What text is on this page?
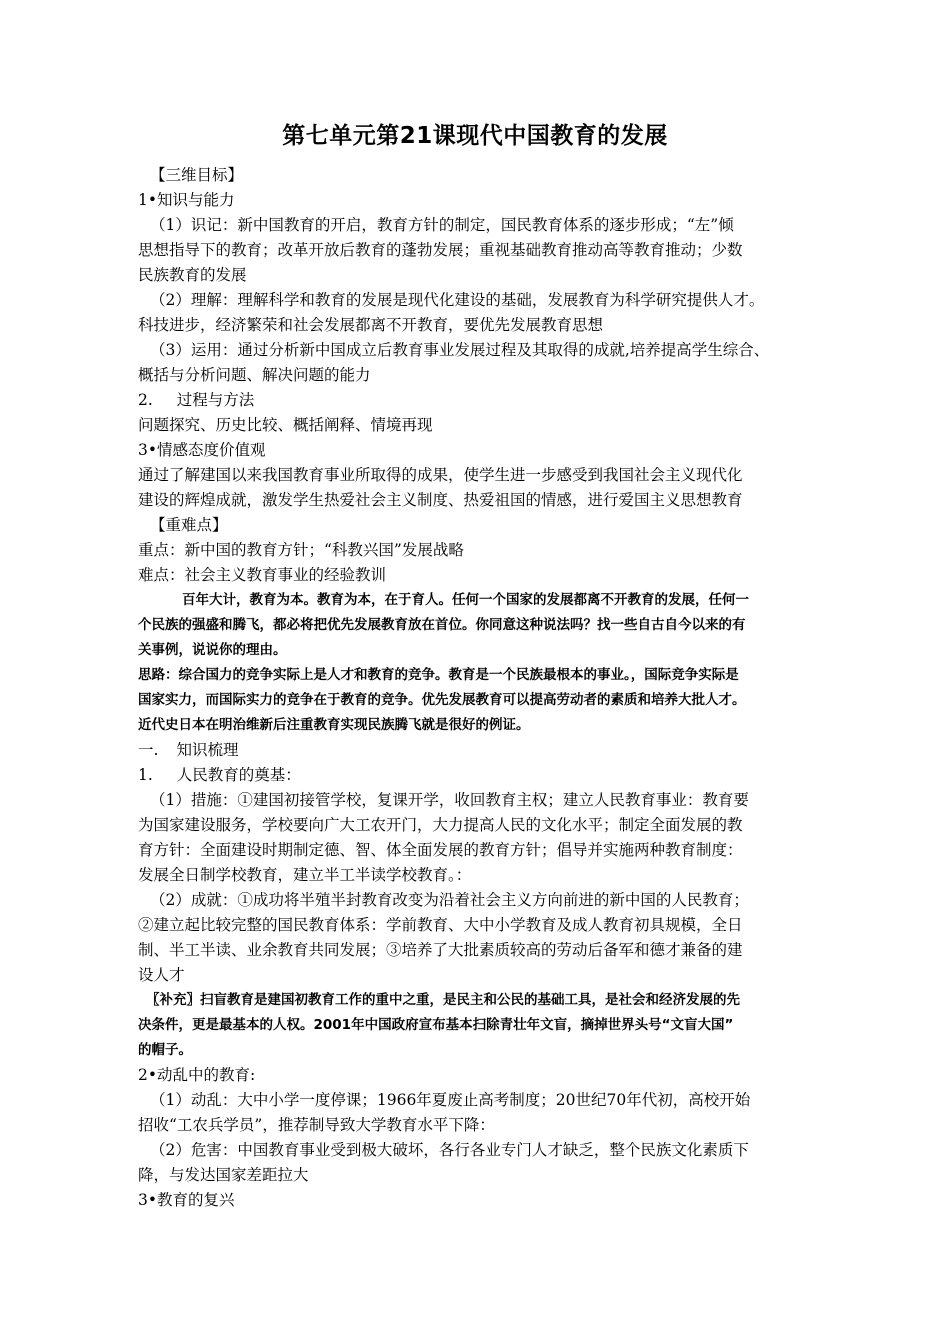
第七单元第21课现代中国教育的发展
【三维目标】
1•知识与能力
（1）识记：新中国教育的开启，教育方针的制定，国民教育体系的逐步形成；“左”倾
思想指导下的教育；改革开放后教育的蓬勃发展；重视基础教育推动高等教育推动；少数
民族教育的发展
（2）理解：理解科学和教育的发展是现代化建设的基础，发展教育为科学研究提供人才。
科技进步，经济繁荣和社会发展都离不开教育，要优先发展教育思想
（3）运用：通过分析新中国成立后教育事业发展过程及其取得的成就,培养提高学生综合、
概括与分析问题、解决问题的能力
2. 过程与方法
问题探究、历史比较、概括阐释、情境再现
3•情感态度价值观
通过了解建国以来我国教育事业所取得的成果，使学生进一步感受到我国社会主义现代化
建设的辉煌成就，激发学生热爱社会主义制度、热爱祖国的情感，进行爱国主义思想教育
【重难点】
重点：新中国的教育方针；“科教兴国”发展战略
难点：社会主义教育事业的经验教训
百年大计，教育为本。教育为本，在于育人。任何一个国家的发展都离不开教育的发展，任何一
个民族的强盛和腾飞，都必将把优先发展教育放在首位。你同意这种说法吗？找一些自古自今以来的有
关事例，说说你的理由。
思路：综合国力的竞争实际上是人才和教育的竞争。教育是一个民族最根本的事业。，国际竞争实际是
国家实力，而国际实力的竞争在于教育的竞争。优先发展教育可以提高劳动者的素质和培养大批人才。
近代史日本在明治维新后注重教育实现民族腾飞就是很好的例证。
一. 知识梳理
1. 人民教育的奠基：
（1）措施：①建国初接管学校，复课开学，收回教育主权；建立人民教育事业：教育要
为国家建设服务，学校要向广大工农开门，大力提高人民的文化水平；制定全面发展的教
育方针：全面建设时期制定德、智、体全面发展的教育方针；倡导并实施两种教育制度：
发展全日制学校教育，建立半工半读学校教育。：
（2）成就：①成功将半殖半封教育改变为沿着社会主义方向前进的新中国的人民教育；
②建立起比较完整的国民教育体系：学前教育、大中小学教育及成人教育初具规模，全日
制、半工半读、业余教育共同发展；③培养了大批素质较高的劳动后备军和德才兼备的建
设人才
〖补充〗扫盲教育是建国初教育工作的重中之重，是民主和公民的基础工具，是社会和经济发展的先
决条件，更是最基本的人权。2001年中国政府宣布基本扫除青壮年文盲，摘掉世界头号“文盲大国”
的帽子。
2•动乱中的教育:
（1）动乱：大中小学一度停课；1966年夏废止高考制度；20世纪70年代初，高校开始
招收“工农兵学员”，推荐制导致大学教育水平下降：
（2）危害：中国教育事业受到极大破坏，各行各业专门人才缺乏，整个民族文化素质下
降，与发达国家差距拉大
3•教育的复兴
